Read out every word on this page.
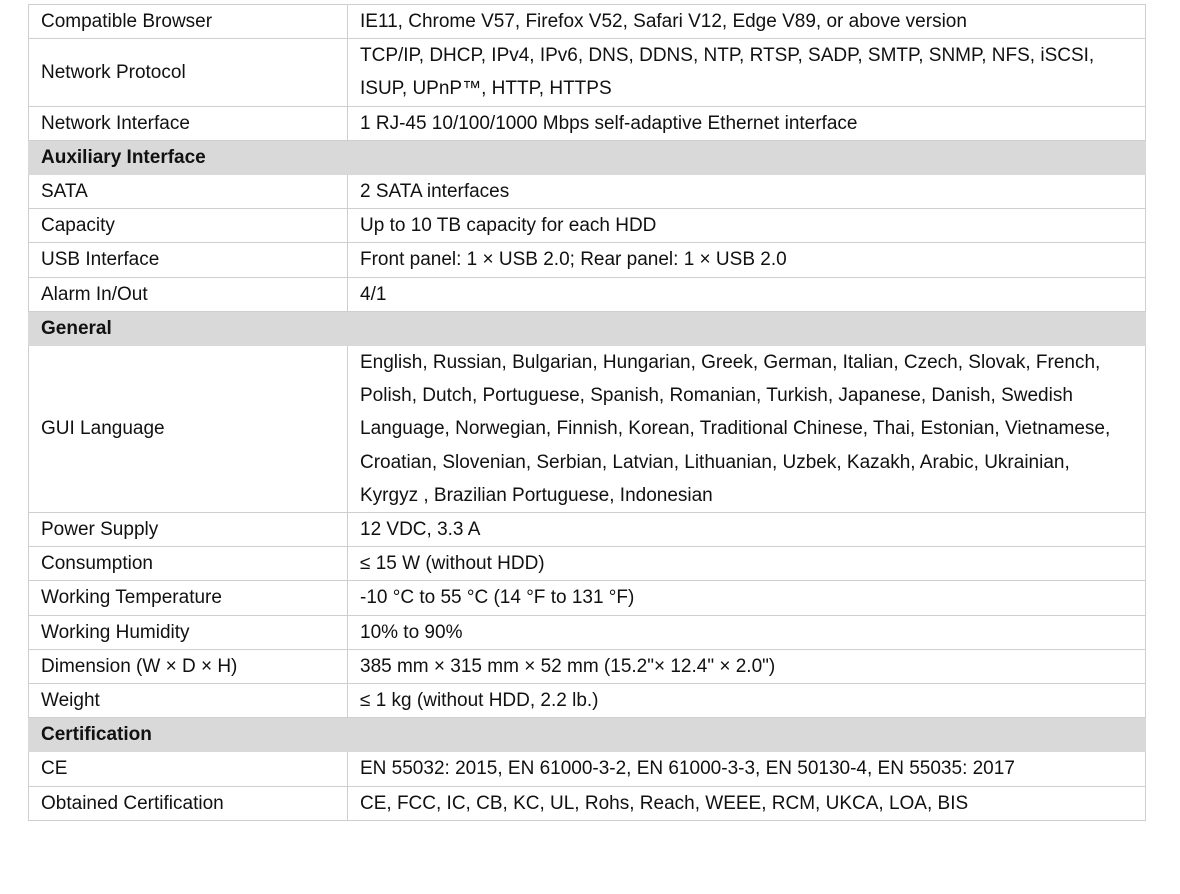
Compatible Browser	IE11, Chrome V57, Firefox V52, Safari V12, Edge V89, or above version
Network Protocol	TCP/IP, DHCP, IPv4, IPv6, DNS, DDNS, NTP, RTSP, SADP, SMTP, SNMP, NFS, iSCSI, ISUP, UPnP™, HTTP, HTTPS
Network Interface	1 RJ-45 10/100/1000 Mbps self-adaptive Ethernet interface
Auxiliary Interface	
SATA	2 SATA interfaces
Capacity	Up to 10 TB capacity for each HDD
USB Interface	Front panel: 1 × USB 2.0; Rear panel: 1 × USB 2.0
Alarm In/Out	4/1
General	
GUI Language	English, Russian, Bulgarian, Hungarian, Greek, German, Italian, Czech, Slovak, French, Polish, Dutch, Portuguese, Spanish, Romanian, Turkish, Japanese, Danish, Swedish Language, Norwegian, Finnish, Korean, Traditional Chinese, Thai, Estonian, Vietnamese, Croatian, Slovenian, Serbian, Latvian, Lithuanian, Uzbek, Kazakh, Arabic, Ukrainian, Kyrgyz , Brazilian Portuguese, Indonesian
Power Supply	12 VDC, 3.3 A
Consumption	≤ 15 W (without HDD)
Working Temperature	-10 °C to 55 °C (14 °F to 131 °F)
Working Humidity	10% to 90%
Dimension (W × D × H)	385 mm × 315 mm × 52 mm (15.2"× 12.4" × 2.0")
Weight	≤ 1 kg (without HDD, 2.2 lb.)
Certification	
CE	EN 55032: 2015, EN 61000-3-2, EN 61000-3-3, EN 50130-4, EN 55035: 2017
Obtained Certification	CE, FCC, IC, CB, KC, UL, Rohs, Reach, WEEE, RCM, UKCA, LOA, BIS
